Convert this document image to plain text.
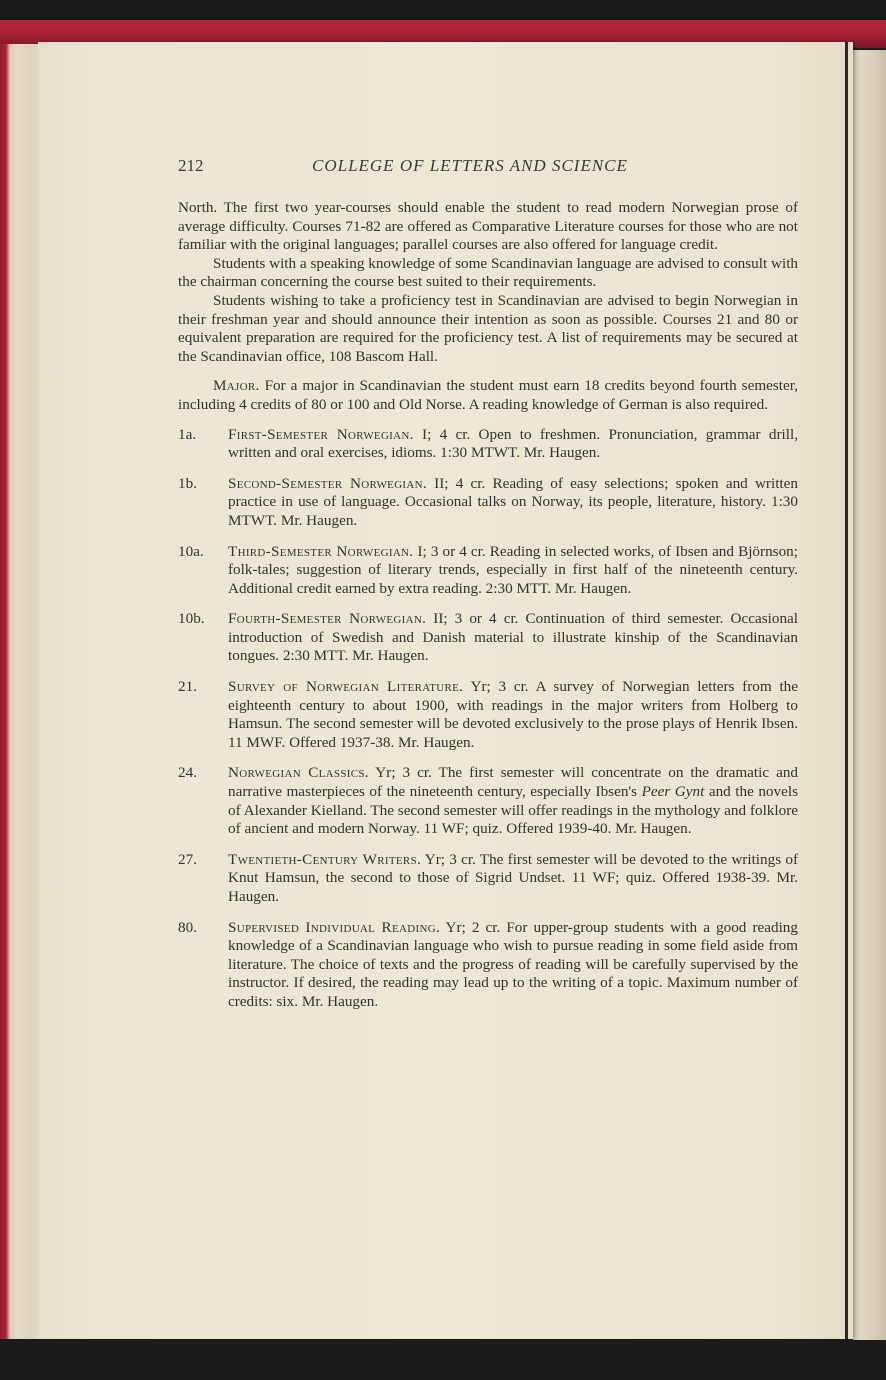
212	COLLEGE OF LETTERS AND SCIENCE

North. The first two year-courses should enable the student to read modern Norwegian prose of average difficulty. Courses 71-82 are offered as Comparative Literature courses for those who are not familiar with the original languages; parallel courses are also offered for language credit.

Students with a speaking knowledge of some Scandinavian language are advised to consult with the chairman concerning the course best suited to their requirements.

Students wishing to take a proficiency test in Scandinavian are advised to begin Norwegian in their freshman year and should announce their intention as soon as possible. Courses 21 and 80 or equivalent preparation are required for the proficiency test. A list of requirements may be secured at the Scandinavian office, 108 Bascom Hall.

Major. For a major in Scandinavian the student must earn 18 credits beyond fourth semester, including 4 credits of 80 or 100 and Old Norse. A reading knowledge of German is also required.

1a. First-Semester Norwegian. I; 4 cr. Open to freshmen. Pronunciation, grammar drill, written and oral exercises, idioms. 1:30 MTWT. Mr. Haugen.
1b. Second-Semester Norwegian. II; 4 cr. Reading of easy selections; spoken and written practice in use of language. Occasional talks on Norway, its people, literature, history. 1:30 MTWT. Mr. Haugen.
10a. Third-Semester Norwegian. I; 3 or 4 cr. Reading in selected works, of Ibsen and Björnson; folk-tales; suggestion of literary trends, especially in first half of the nineteenth century. Additional credit earned by extra reading. 2:30 MTT. Mr. Haugen.
10b. Fourth-Semester Norwegian. II; 3 or 4 cr. Continuation of third semester. Occasional introduction of Swedish and Danish material to illustrate kinship of the Scandinavian tongues. 2:30 MTT. Mr. Haugen.
21. Survey of Norwegian Literature. Yr; 3 cr. A survey of Norwegian letters from the eighteenth century to about 1900, with readings in the major writers from Holberg to Hamsun. The second semester will be devoted exclusively to the prose plays of Henrik Ibsen. 11 MWF. Offered 1937-38. Mr. Haugen.
24. Norwegian Classics. Yr; 3 cr. The first semester will concentrate on the dramatic and narrative masterpieces of the nineteenth century, especially Ibsen's Peer Gynt and the novels of Alexander Kielland. The second semester will offer readings in the mythology and folklore of ancient and modern Norway. 11 WF; quiz. Offered 1939-40. Mr. Haugen.
27. Twentieth-Century Writers. Yr; 3 cr. The first semester will be devoted to the writings of Knut Hamsun, the second to those of Sigrid Undset. 11 WF; quiz. Offered 1938-39. Mr. Haugen.
80. Supervised Individual Reading. Yr; 2 cr. For upper-group students with a good reading knowledge of a Scandinavian language who wish to pursue reading in some field aside from literature. The choice of texts and the progress of reading will be carefully supervised by the instructor. If desired, the reading may lead up to the writing of a topic. Maximum number of credits: six. Mr. Haugen.
